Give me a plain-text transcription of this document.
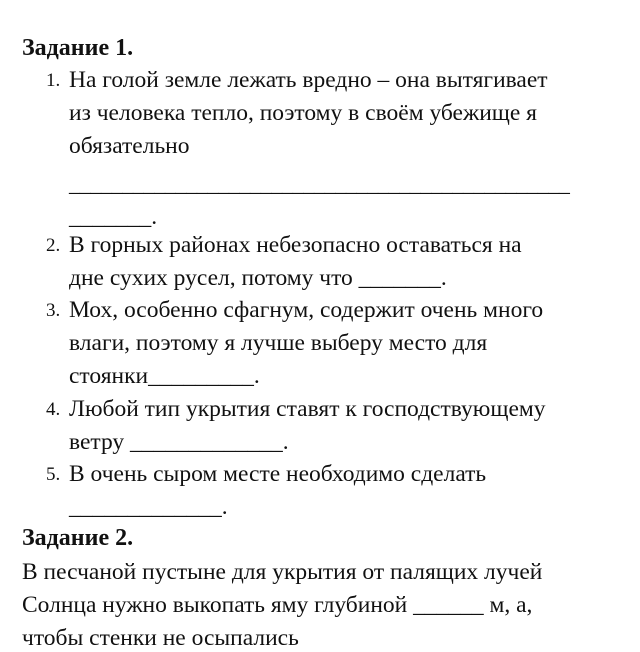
Задание 1.
1. На голой земле лежать вредно – она вытягивает
из человека тепло, поэтому в своём убежище я
обязательно
_______________________________________________
_______.
2. В горных районах небезопасно оставаться на
дне сухих русел, потому что _______.
3. Мох, особенно сфагнум, содержит очень много
влаги, поэтому я лучше выберу место для
стоянки_________.
4. Любой тип укрытия ставят к господствующему
ветру _____________.
5. В очень сыром месте необходимо сделать
_____________.
Задание 2.
В песчаной пустыне для укрытия от палящих лучей
Солнца нужно выкопать яму глубиной ______ м, а,
чтобы стенки не осыпались
